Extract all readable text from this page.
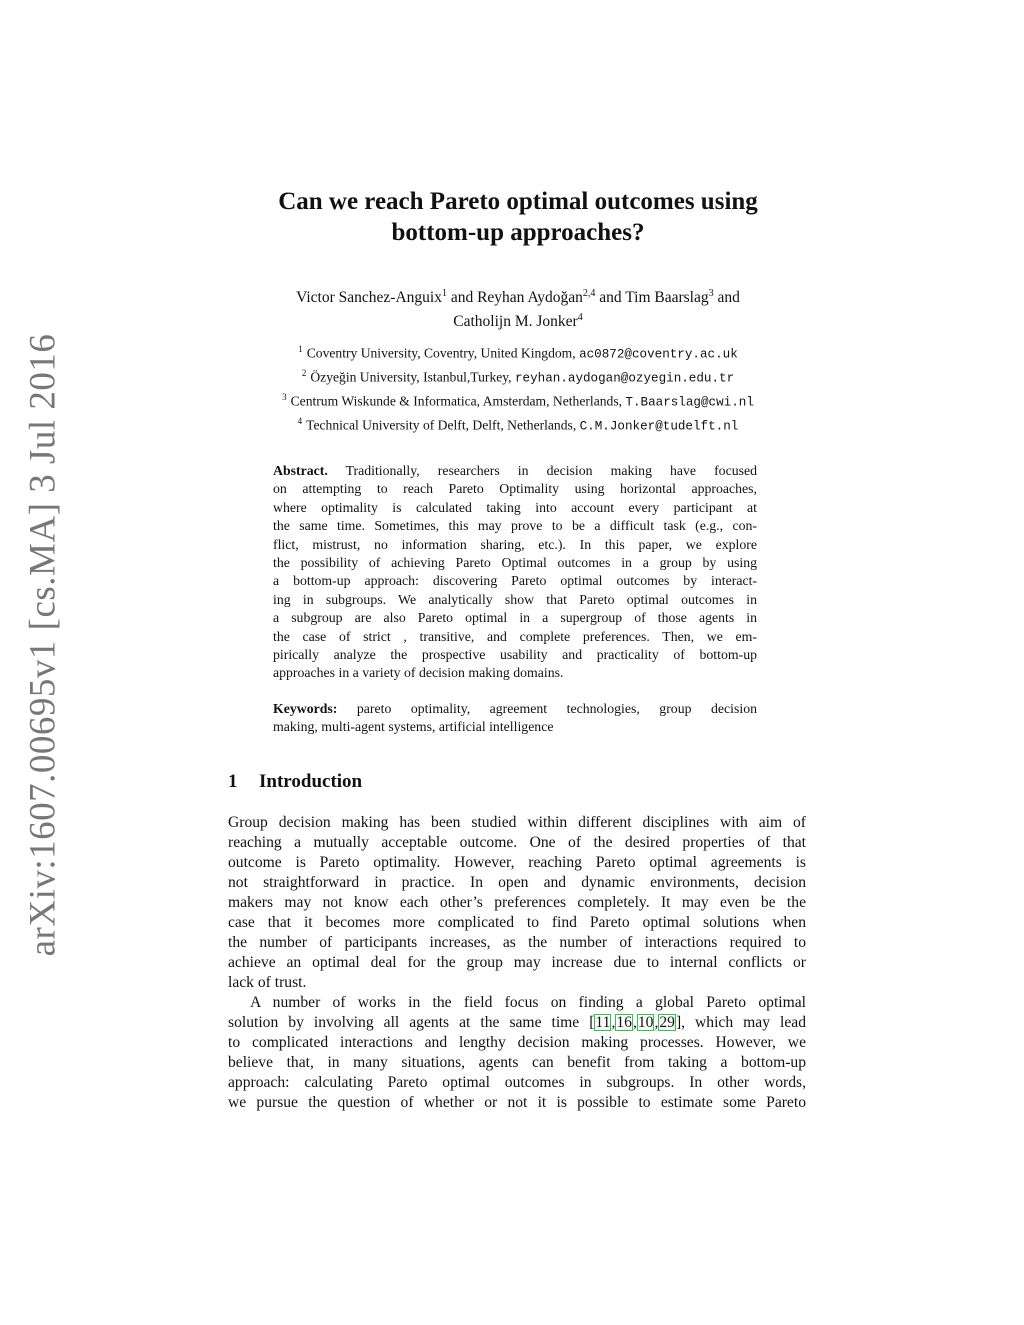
arXiv:1607.00695v1 [cs.MA] 3 Jul 2016
Can we reach Pareto optimal outcomes using
bottom-up approaches?
Victor Sanchez-Anguix$^1$ and Reyhan Aydoğan$^{2,4}$ and Tim Baarslag$^3$ and
Catholijn M. Jonker$^4$
$^1$ Coventry University, Coventry, United Kingdom, ac0872@coventry.ac.uk
$^2$ Özyeğin University, Istanbul,Turkey, reyhan.aydogan@ozyegin.edu.tr
$^3$ Centrum Wiskunde & Informatica, Amsterdam, Netherlands, T.Baarslag@cwi.nl
$^4$ Technical University of Delft, Delft, Netherlands, C.M.Jonker@tudelft.nl
Abstract. Traditionally, researchers in decision making have focused
on attempting to reach Pareto Optimality using horizontal approaches,
where optimality is calculated taking into account every participant at
the same time. Sometimes, this may prove to be a difficult task (e.g., con-
flict, mistrust, no information sharing, etc.). In this paper, we explore
the possibility of achieving Pareto Optimal outcomes in a group by using
a bottom-up approach: discovering Pareto optimal outcomes by interact-
ing in subgroups. We analytically show that Pareto optimal outcomes in
a subgroup are also Pareto optimal in a supergroup of those agents in
the case of strict , transitive, and complete preferences. Then, we em-
pirically analyze the prospective usability and practicality of bottom-up
approaches in a variety of decision making domains.
Keywords: pareto optimality, agreement technologies, group decision
making, multi-agent systems, artificial intelligence
1 Introduction
Group decision making has been studied within different disciplines with aim of
reaching a mutually acceptable outcome. One of the desired properties of that
outcome is Pareto optimality. However, reaching Pareto optimal agreements is
not straightforward in practice. In open and dynamic environments, decision
makers may not know each other’s preferences completely. It may even be the
case that it becomes more complicated to find Pareto optimal solutions when
the number of participants increases, as the number of interactions required to
achieve an optimal deal for the group may increase due to internal conflicts or
lack of trust.
A number of works in the field focus on finding a global Pareto optimal
solution by involving all agents at the same time [11,16,10,29], which may lead
to complicated interactions and lengthy decision making processes. However, we
believe that, in many situations, agents can benefit from taking a bottom-up
approach: calculating Pareto optimal outcomes in subgroups. In other words,
we pursue the question of whether or not it is possible to estimate some Pareto
